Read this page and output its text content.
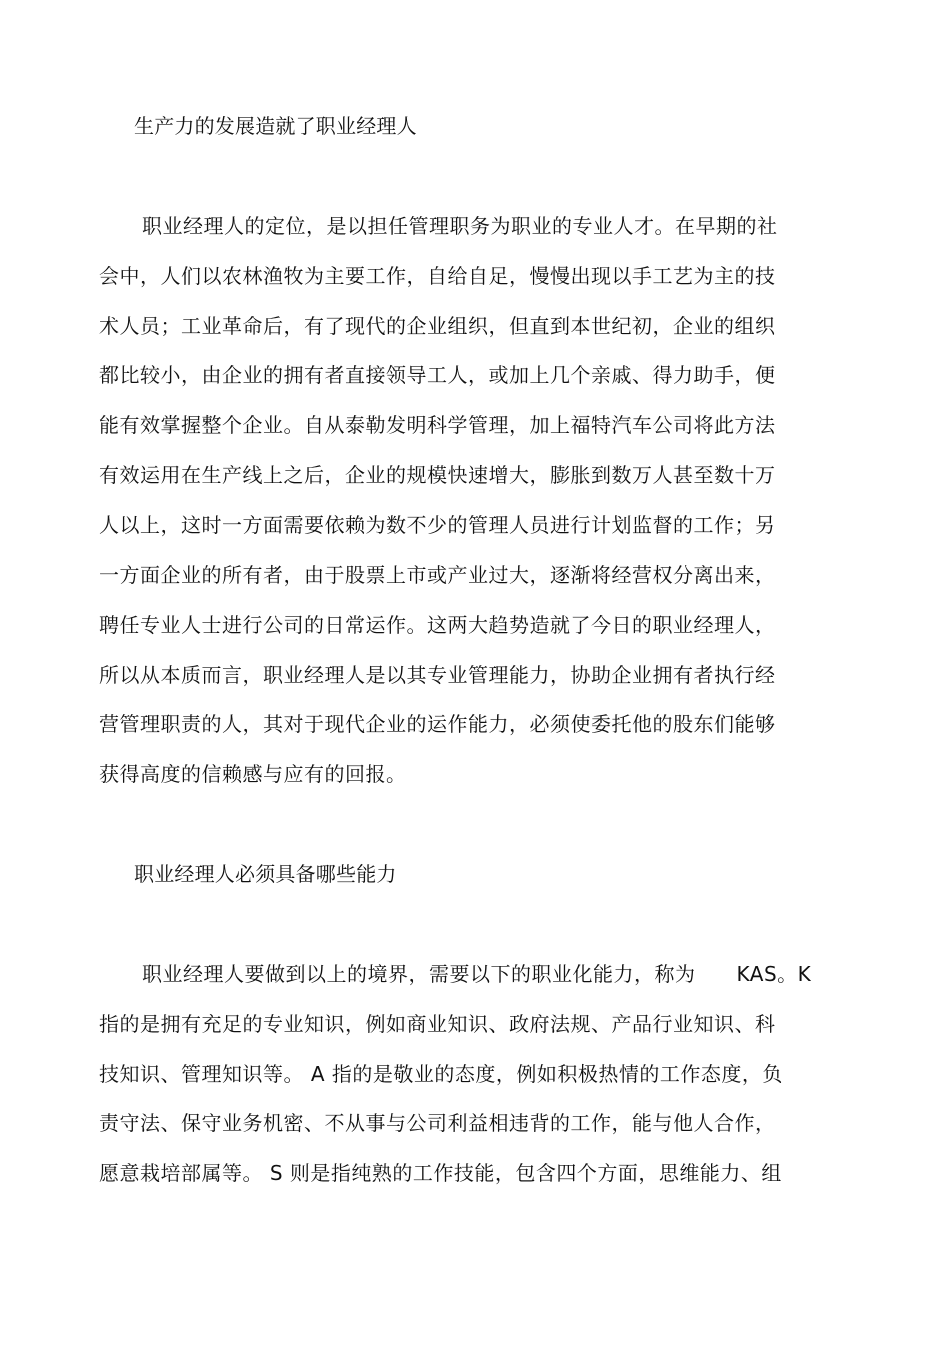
生产力的发展造就了职业经理人
职业经理人的定位，是以担任管理职务为职业的专业人才。在早期的社
会中，人们以农林渔牧为主要工作，自给自足，慢慢出现以手工艺为主的技
术人员；工业革命后，有了现代的企业组织，但直到本世纪初，企业的组织
都比较小，由企业的拥有者直接领导工人，或加上几个亲戚、得力助手，便
能有效掌握整个企业。自从泰勒发明科学管理，加上福特汽车公司将此方法
有效运用在生产线上之后，企业的规模快速增大，膨胀到数万人甚至数十万
人以上，这时一方面需要依赖为数不少的管理人员进行计划监督的工作；另
一方面企业的所有者，由于股票上市或产业过大，逐渐将经营权分离出来，
聘任专业人士进行公司的日常运作。这两大趋势造就了今日的职业经理人，
所以从本质而言，职业经理人是以其专业管理能力，协助企业拥有者执行经
营管理职责的人，其对于现代企业的运作能力，必须使委托他的股东们能够
获得高度的信赖感与应有的回报。
职业经理人必须具备哪些能力
职业经理人要做到以上的境界，需要以下的职业化能力，称为　　KAS。K
指的是拥有充足的专业知识，例如商业知识、政府法规、产品行业知识、科
技知识、管理知识等。 A 指的是敬业的态度，例如积极热情的工作态度，负
责守法、保守业务机密、不从事与公司利益相违背的工作，能与他人合作，
愿意栽培部属等。 S 则是指纯熟的工作技能，包含四个方面，思维能力、组
